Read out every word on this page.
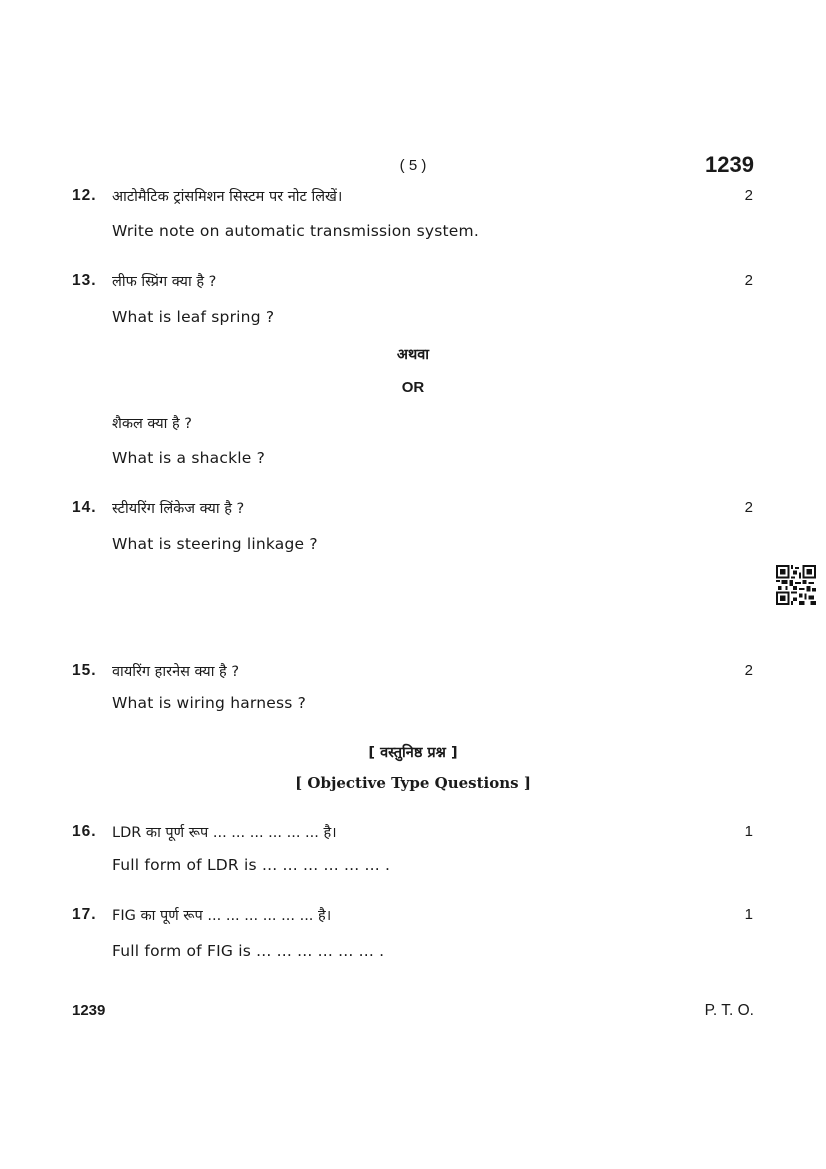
( 5 )	1239
12. आटोमैटिक ट्रांसमिशन सिस्टम पर नोट लिखें।	2
Write note on automatic transmission system.
13. लीफ स्प्रिंग क्या है ?	2
What is leaf spring ?
अथवा
OR
शैकल क्या है ?
What is a shackle ?
14. स्टीयरिंग लिंकेज क्या है ?	2
What is steering linkage ?
15. वायरिंग हारनेस क्या है ?	2
What is wiring harness ?
[ वस्तुनिष्ठ प्रश्न ]
[ Objective Type Questions ]
16. LDR का पूर्ण रूप ... ... ... ... ... ... है।	1
Full form of LDR is ... ... ... ... ... ... .
17. FIG का पूर्ण रूप ... ... ... ... ... ... है।	1
Full form of FIG is ... ... ... ... ... ... .
1239	P. T. O.
